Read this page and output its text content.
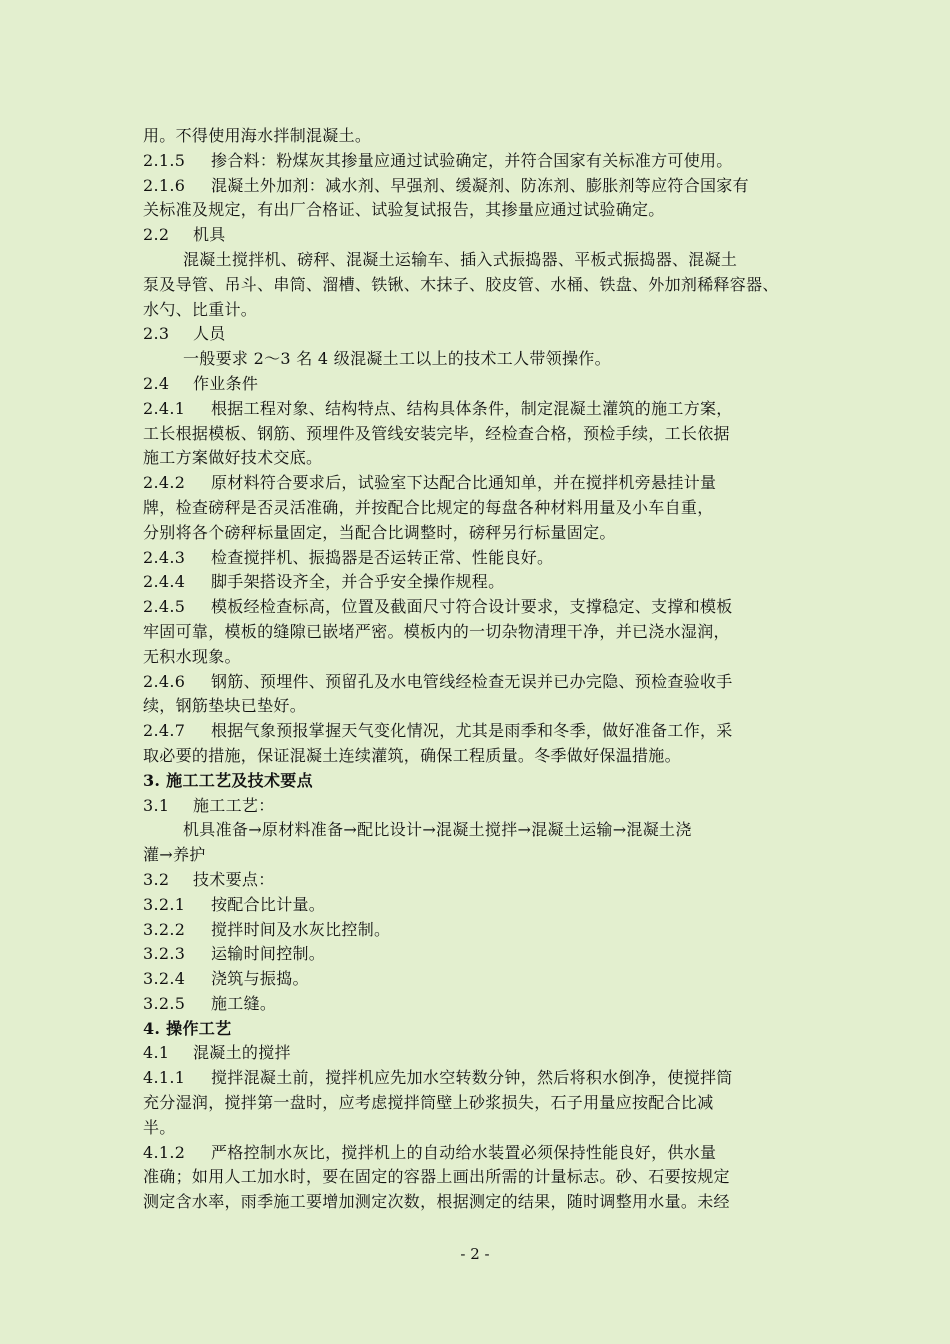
用。不得使用海水拌制混凝土。
2.1.5 掺合料：粉煤灰其掺量应通过试验确定，并符合国家有关标准方可使用。
2.1.6 混凝土外加剂：减水剂、早强剂、缓凝剂、防冻剂、膨胀剂等应符合国家有
关标准及规定，有出厂合格证、试验复试报告，其掺量应通过试验确定。
2.2 机具
混凝土搅拌机、磅秤、混凝土运输车、插入式振捣器、平板式振捣器、混凝土
泵及导管、吊斗、串筒、溜槽、铁锹、木抹子、胶皮管、水桶、铁盘、外加剂稀释容器、
水勺、比重计。
2.3 人员
一般要求 2～3 名 4 级混凝土工以上的技术工人带领操作。
2.4 作业条件
2.4.1 根据工程对象、结构特点、结构具体条件，制定混凝土灌筑的施工方案，
工长根据模板、钢筋、预埋件及管线安装完毕，经检查合格，预检手续，工长依据
施工方案做好技术交底。
2.4.2 原材料符合要求后，试验室下达配合比通知单，并在搅拌机旁悬挂计量
牌，检查磅秤是否灵活准确，并按配合比规定的每盘各种材料用量及小车自重，
分别将各个磅秤标量固定，当配合比调整时，磅秤另行标量固定。
2.4.3 检查搅拌机、振捣器是否运转正常、性能良好。
2.4.4 脚手架搭设齐全，并合乎安全操作规程。
2.4.5 模板经检查标高，位置及截面尺寸符合设计要求，支撑稳定、支撑和模板
牢固可靠，模板的缝隙已嵌堵严密。模板内的一切杂物清理干净，并已浇水湿润，
无积水现象。
2.4.6 钢筋、预埋件、预留孔及水电管线经检查无误并已办完隐、预检查验收手
续，钢筋垫块已垫好。
2.4.7 根据气象预报掌握天气变化情况，尤其是雨季和冬季，做好准备工作，采
取必要的措施，保证混凝土连续灌筑，确保工程质量。冬季做好保温措施。
3. 施工工艺及技术要点
3.1 施工工艺：
机具准备→原材料准备→配比设计→混凝土搅拌→混凝土运输→混凝土浇
灌→养护
3.2 技术要点：
3.2.1 按配合比计量。
3.2.2 搅拌时间及水灰比控制。
3.2.3 运输时间控制。
3.2.4 浇筑与振捣。
3.2.5 施工缝。
4. 操作工艺
4.1 混凝土的搅拌
4.1.1 搅拌混凝土前，搅拌机应先加水空转数分钟，然后将积水倒净，使搅拌筒
充分湿润，搅拌第一盘时，应考虑搅拌筒壁上砂浆损失，石子用量应按配合比减
半。
4.1.2 严格控制水灰比，搅拌机上的自动给水装置必须保持性能良好，供水量
准确；如用人工加水时，要在固定的容器上画出所需的计量标志。砂、石要按规定
测定含水率，雨季施工要增加测定次数，根据测定的结果，随时调整用水量。未经
- 2 -
